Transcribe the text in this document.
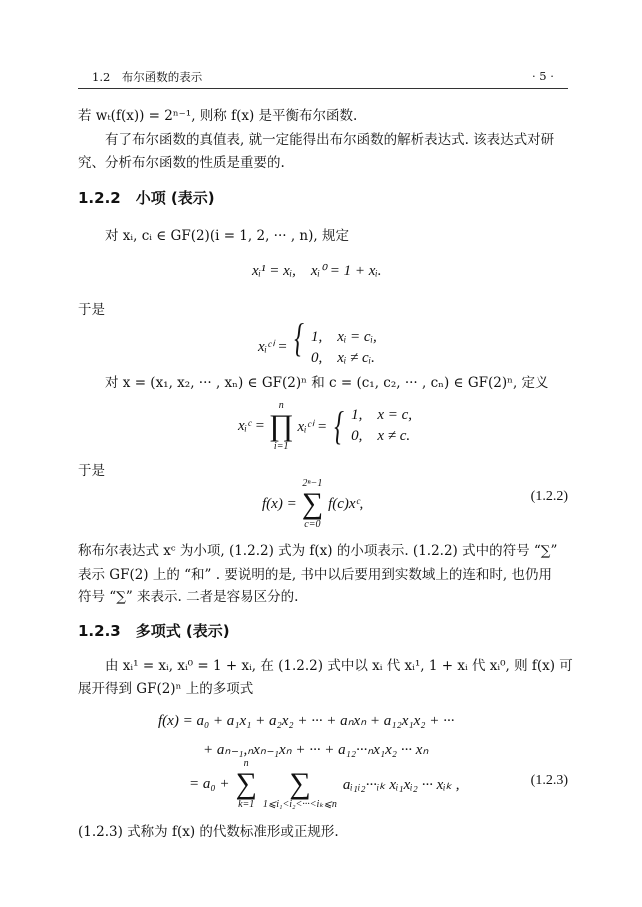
1.2　布尔函数的表示	· 5 ·
若 wₜ(f(x)) = 2ⁿ⁻¹, 则称 f(x) 是平衡布尔函数.
有了布尔函数的真值表, 就一定能得出布尔函数的解析表达式. 该表达式对研
究、分析布尔函数的性质是重要的.
1.2.2　小项 (表示)
对 xᵢ, cᵢ ∈ GF(2)(i = 1, 2, ··· , n), 规定
xᵢ¹ = xᵢ,　xᵢ⁰ = 1 + xᵢ.
于是
xᵢᶜⁱ = { 1,　xᵢ = cᵢ,
0,　xᵢ ≠ cᵢ.
对 x = (x₁, x₂, ··· , xₙ) ∈ GF(2)ⁿ 和 c = (c₁, c₂, ··· , cₙ) ∈ GF(2)ⁿ, 定义
xᵢᶜ =
n
∏
i=1
xᵢᶜⁱ = { 1,　x = c,
0,　x ≠ c.
于是
f(x) =
2ⁿ−1
∑
c=0
f(c)xᶜ,	(1.2.2)
称布尔表达式 xᶜ 为小项, (1.2.2) 式为 f(x) 的小项表示. (1.2.2) 式中的符号 “∑”
表示 GF(2) 上的 “和” . 要说明的是, 书中以后要用到实数域上的连和时, 也仍用
符号 “∑” 来表示. 二者是容易区分的.
1.2.3　多项式 (表示)
由 xᵢ¹ = xᵢ, xᵢ⁰ = 1 + xᵢ, 在 (1.2.2) 式中以 xᵢ 代 xᵢ¹, 1 + xᵢ 代 xᵢ⁰, 则 f(x) 可
展开得到 GF(2)ⁿ 上的多项式
f(x) = a₀ + a₁x₁ + a₂x₂ + ··· + aₙxₙ + a₁₂x₁x₂ + ···
+ aₙ₋₁,ₙxₙ₋₁xₙ + ··· + a₁₂···ₙx₁x₂ ··· xₙ
= a₀ +
n
∑
k=1
∑
1⩽i₁<i₂<···<iₖ⩽n
aᵢ₁ᵢ₂···ᵢₖ xᵢ₁xᵢ₂ ··· xᵢₖ ,	(1.2.3)
(1.2.3) 式称为 f(x) 的代数标准形或正规形.
